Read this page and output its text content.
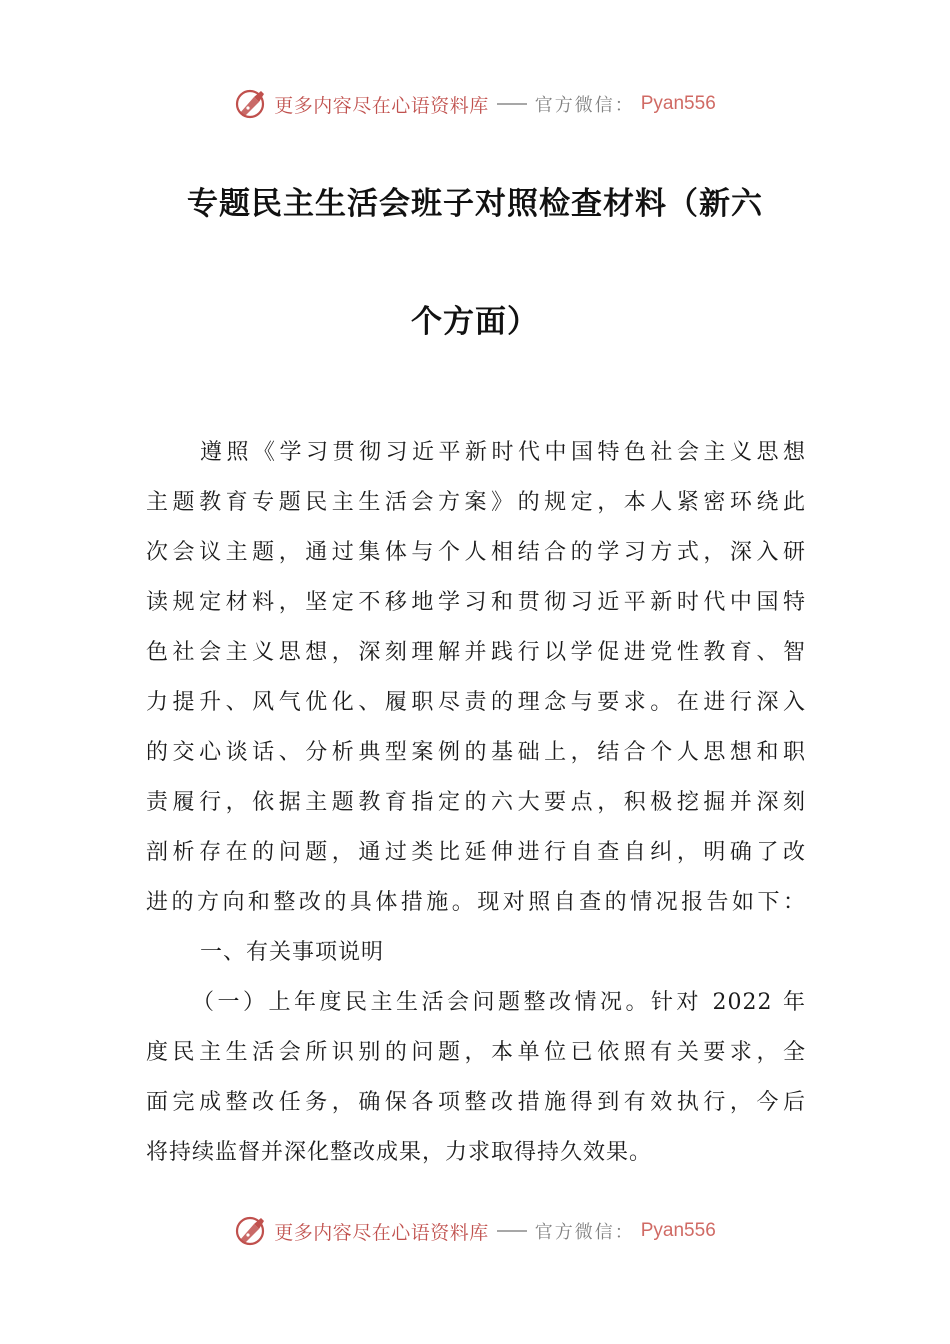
更多内容尽在心语资料库	官方微信： Pyan556
专题民主生活会班子对照检查材料（新六
个方面）
遵照《学习贯彻习近平新时代中国特色社会主义思想
主题教育专题民主生活会方案》的规定，本人紧密环绕此
次会议主题，通过集体与个人相结合的学习方式，深入研
读规定材料，坚定不移地学习和贯彻习近平新时代中国特
色社会主义思想，深刻理解并践行以学促进党性教育、智
力提升、风气优化、履职尽责的理念与要求。在进行深入
的交心谈话、分析典型案例的基础上，结合个人思想和职
责履行，依据主题教育指定的六大要点，积极挖掘并深刻
剖析存在的问题，通过类比延伸进行自查自纠，明确了改
进的方向和整改的具体措施。现对照自查的情况报告如下：
一、有关事项说明
（一）上年度民主生活会问题整改情况。针对 2022 年
度民主生活会所识别的问题，本单位已依照有关要求，全
面完成整改任务，确保各项整改措施得到有效执行，今后
将持续监督并深化整改成果，力求取得持久效果。
更多内容尽在心语资料库	官方微信： Pyan556
